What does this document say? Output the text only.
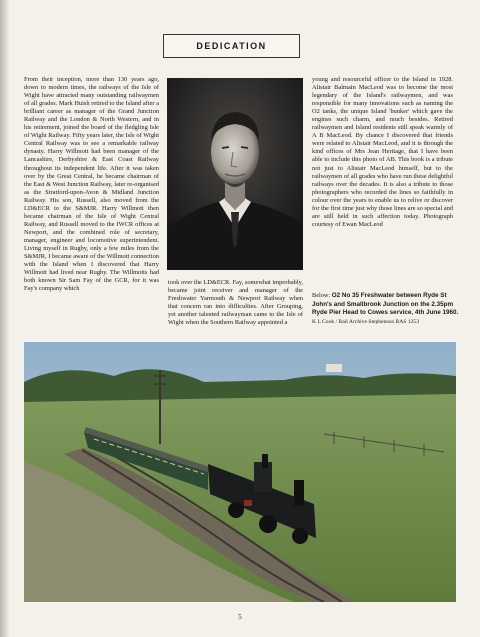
DEDICATION
From their inception, more than 130 years ago, down to modern times, the railways of the Isle of Wight have attracted many outstanding railwaymen of all grades. Mark Huish retired to the Island after a brilliant career as manager of the Grand Junction Railway and the London & North Western, and in his retirement, joined the board of the fledgling Isle of Wight Railway. Fifty years later, the Isle of Wight Central Railway was to see a remarkable railway dynasty. Harry Willmott had been manager of the Lancashire, Derbyshire & East Coast Railway throughout its independent life. After it was taken over by the Great Central, he became chairman of the East & West Junction Railway, later re-organised as the Stratford-upon-Avon & Midland Junction Railway. His son, Russell, also moved from the LD&ECR to the S&MJR. Harry Willmott then became chairman of the Isle of Wight Central Railway, and Russell moved to the IWCR offices at Newport, and the combined role of secretary, manager, engineer and locomotive superintendent. Living myself in Rugby, only a few miles from the S&MJR, I became aware of the Willmott connection with the Island when I discovered that Harry Willmott had lived near Rugby. The Willmotts had both known Sir Sam Fay of the GCR, for it was Fay's company which
took over the LD&ECR. Fay, somewhat improbably, became joint receiver and manager of the Freshwater Yarmouth & Newport Railway when that concern ran into difficulties. After Grouping, yet another talented railwayman came to the Isle of Wight when the Southern Railway appointed a
young and resourceful officer to the Island in 1928. Alistair Balmain MacLeod was to become the most legendary of the Island's railwaymen, and was responsible for many innovations such as naming the O2 tanks, the unique Island 'bunker' which gave the engines such charm, and much besides. Retired railwaymen and Island residents still speak warmly of A B MacLeod. By chance I discovered that friends were related to Alistair MacLeod, and it is through the kind offices of Mrs Jean Heritage, that I have been able to include this photo of AB. This book is a tribute not just to Alistair MacLeod himself, but to the railwaymen of all grades who have run these delightful railways over the decades. It is also a tribute to those photographers who recorded the lines so faithfully in colour over the years to enable us to relive or discover for the first time just why those lines are so special and are still held in such affection today. Photograph courtesy of Ewan MacLeod
Below: O2 No 35 Freshwater between Ryde St John's and Smallbrook Junction on the 2.35pm Ryde Pier Head to Cowes service, 4th June 1960.
K L Cook / Rail Archive Stephenson RAS 1253
5
